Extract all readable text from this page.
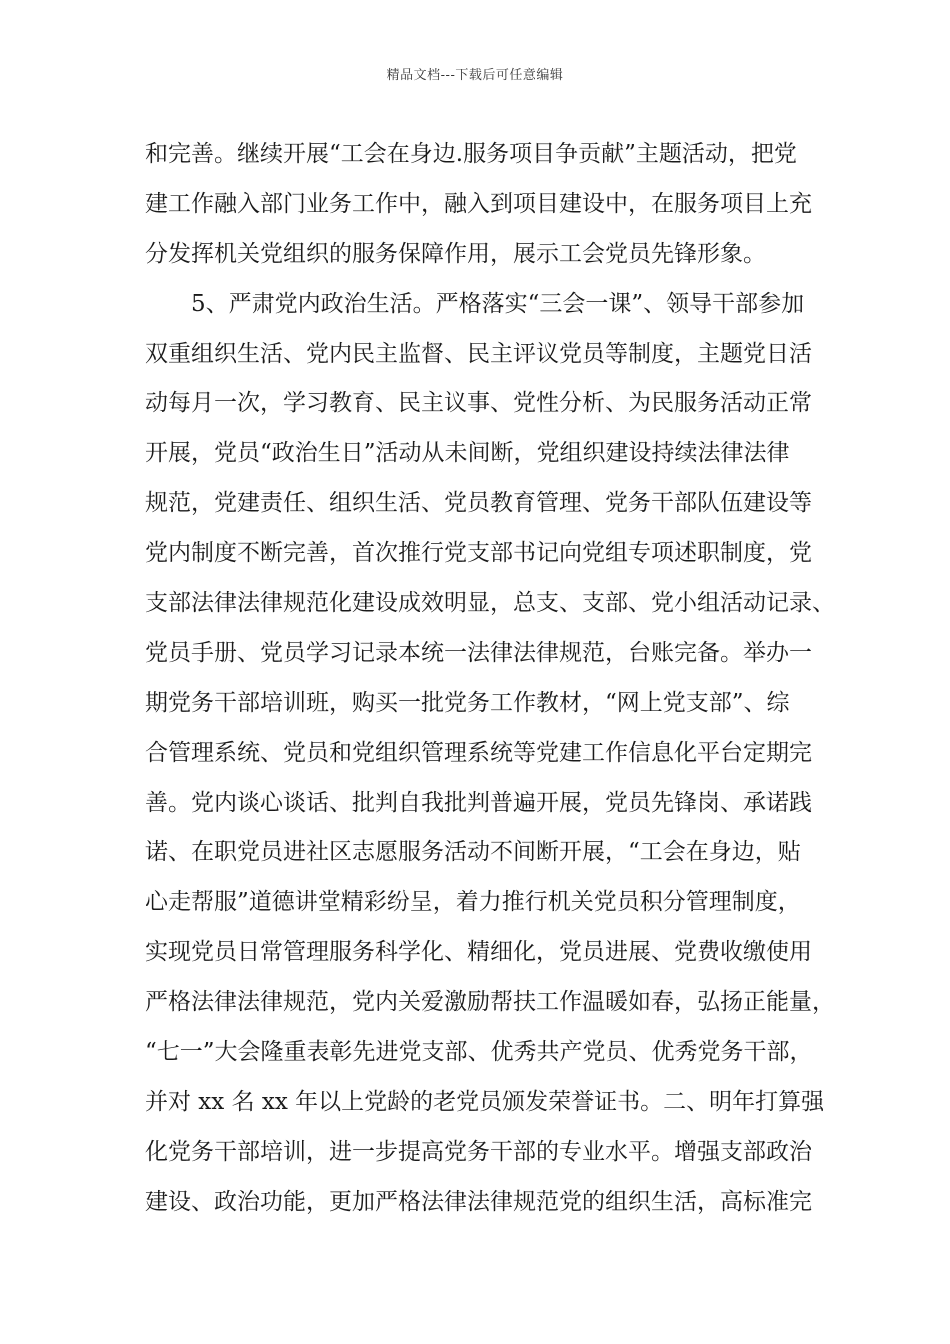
精品文档---下载后可任意编辑
和完善。继续开展“工会在身边.服务项目争贡献”主题活动，把党
建工作融入部门业务工作中，融入到项目建设中，在服务项目上充
分发挥机关党组织的服务保障作用，展示工会党员先锋形象。
　　5、严肃党内政治生活。严格落实“三会一课”、领导干部参加
双重组织生活、党内民主监督、民主评议党员等制度，主题党日活
动每月一次，学习教育、民主议事、党性分析、为民服务活动正常
开展，党员“政治生日”活动从未间断，党组织建设持续法律法律
规范，党建责任、组织生活、党员教育管理、党务干部队伍建设等
党内制度不断完善，首次推行党支部书记向党组专项述职制度，党
支部法律法律规范化建设成效明显，总支、支部、党小组活动记录、
党员手册、党员学习记录本统一法律法律规范，台账完备。举办一
期党务干部培训班，购买一批党务工作教材，“网上党支部”、综
合管理系统、党员和党组织管理系统等党建工作信息化平台定期完
善。党内谈心谈话、批判自我批判普遍开展，党员先锋岗、承诺践
诺、在职党员进社区志愿服务活动不间断开展，“工会在身边，贴
心走帮服”道德讲堂精彩纷呈，着力推行机关党员积分管理制度，
实现党员日常管理服务科学化、精细化，党员进展、党费收缴使用
严格法律法律规范，党内关爱激励帮扶工作温暖如春，弘扬正能量，
“七一”大会隆重表彰先进党支部、优秀共产党员、优秀党务干部，
并对 xx 名 xx 年以上党龄的老党员颁发荣誉证书。二、明年打算强
化党务干部培训，进一步提高党务干部的专业水平。增强支部政治
建设、政治功能，更加严格法律法律规范党的组织生活，高标准完
